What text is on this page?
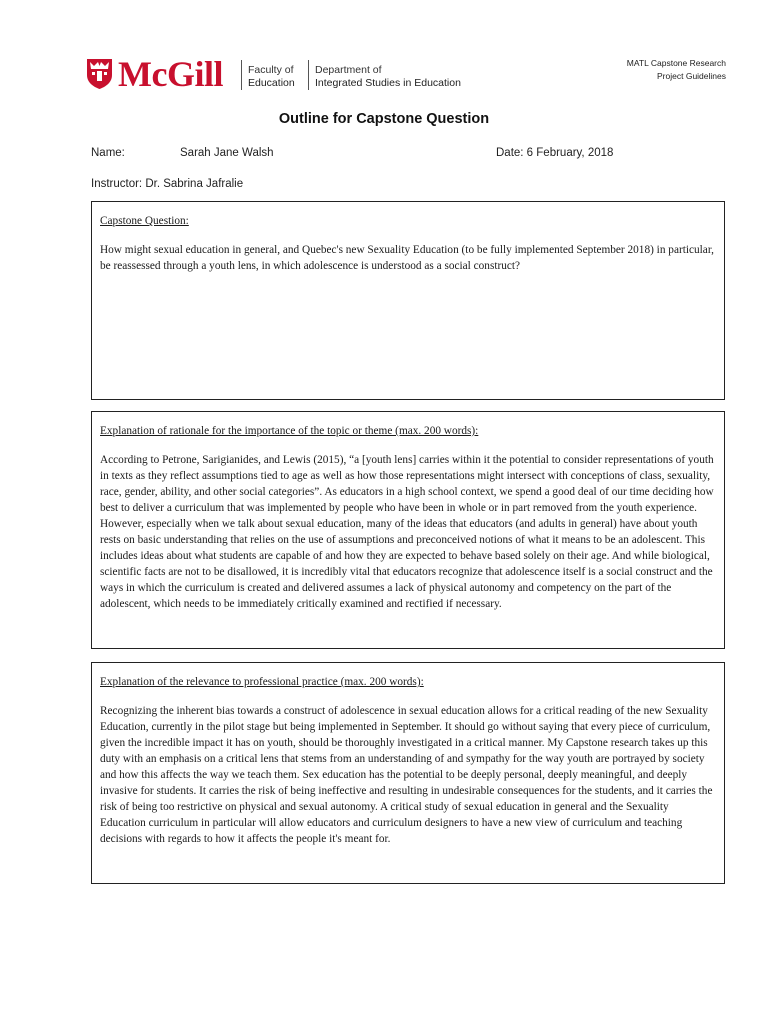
McGill Faculty of
Education
Department of
Integrated Studies in Education
MATL Capstone Research
Project Guidelines
Outline for Capstone Question
Name:	Sarah Jane Walsh	Date: 6 February, 2018
Instructor: Dr. Sabrina Jafralie
Capstone Question:

How might sexual education in general, and Quebec's new Sexuality Education (to be fully implemented September 2018) in particular, be reassessed through a youth lens, in which adolescence is understood as a social construct?

Explanation of rationale for the importance of the topic or theme (max. 200 words):

According to Petrone, Sarigianides, and Lewis (2015), “a [youth lens] carries within it the potential to consider representations of youth in texts as they reflect assumptions tied to age as well as how those representations might intersect with conceptions of class, sexuality, race, gender, ability, and other social categories”. As educators in a high school context, we spend a good deal of our time deciding how best to deliver a curriculum that was implemented by people who have been in whole or in part removed from the youth experience. However, especially when we talk about sexual education, many of the ideas that educators (and adults in general) have about youth rests on basic understanding that relies on the use of assumptions and preconceived notions of what it means to be an adolescent. This includes ideas about what students are capable of and how they are expected to behave based solely on their age. And while biological, scientific facts are not to be disallowed, it is incredibly vital that educators recognize that adolescence itself is a social construct and the ways in which the curriculum is created and delivered assumes a lack of physical autonomy and competency on the part of the adolescent, which needs to be immediately critically examined and rectified if necessary.

Explanation of the relevance to professional practice (max. 200 words):

Recognizing the inherent bias towards a construct of adolescence in sexual education allows for a critical reading of the new Sexuality Education, currently in the pilot stage but being implemented in September. It should go without saying that every piece of curriculum, given the incredible impact it has on youth, should be thoroughly investigated in a critical manner. My Capstone research takes up this duty with an emphasis on a critical lens that stems from an understanding of and sympathy for the way youth are portrayed by society and how this affects the way we teach them. Sex education has the potential to be deeply personal, deeply meaningful, and deeply invasive for students. It carries the risk of being ineffective and resulting in undesirable consequences for the students, and it carries the risk of being too restrictive on physical and sexual autonomy. A critical study of sexual education in general and the Sexuality Education curriculum in particular will allow educators and curriculum designers to have a new view of curriculum and teaching decisions with regards to how it affects the people it's meant for.
